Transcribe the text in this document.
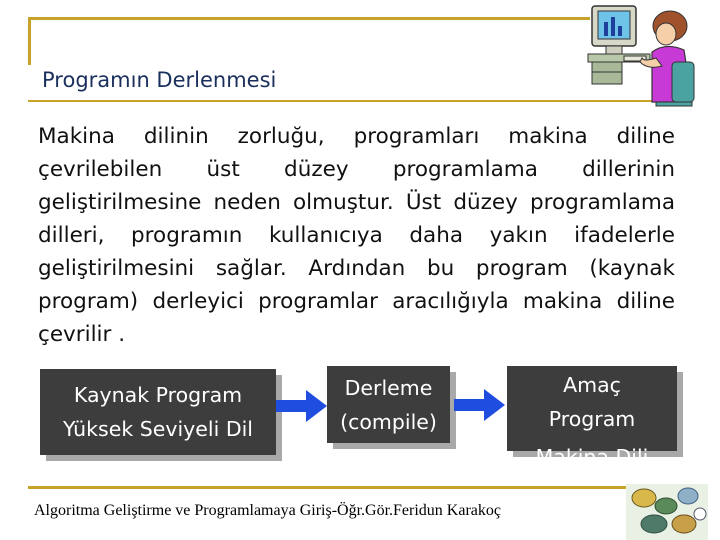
Programın Derlenmesi
Makina dilinin zorluğu, programları makina diline çevrilebilen üst düzey programlama dillerinin geliştirilmesine neden olmuştur. Üst düzey programlama dilleri, programın kullanıcıya daha yakın ifadelerle geliştirilmesini sağlar. Ardından bu program (kaynak program) derleyici programlar aracılığıyla makina diline çevrilir .
Kaynak Program
Yüksek Seviyeli Dil
Derleme
(compile)
Amaç
Program
Makina Dili
Algoritma Geliştirme ve Programlamaya Giriş-Öğr.Gör.Feridun Karakoç
